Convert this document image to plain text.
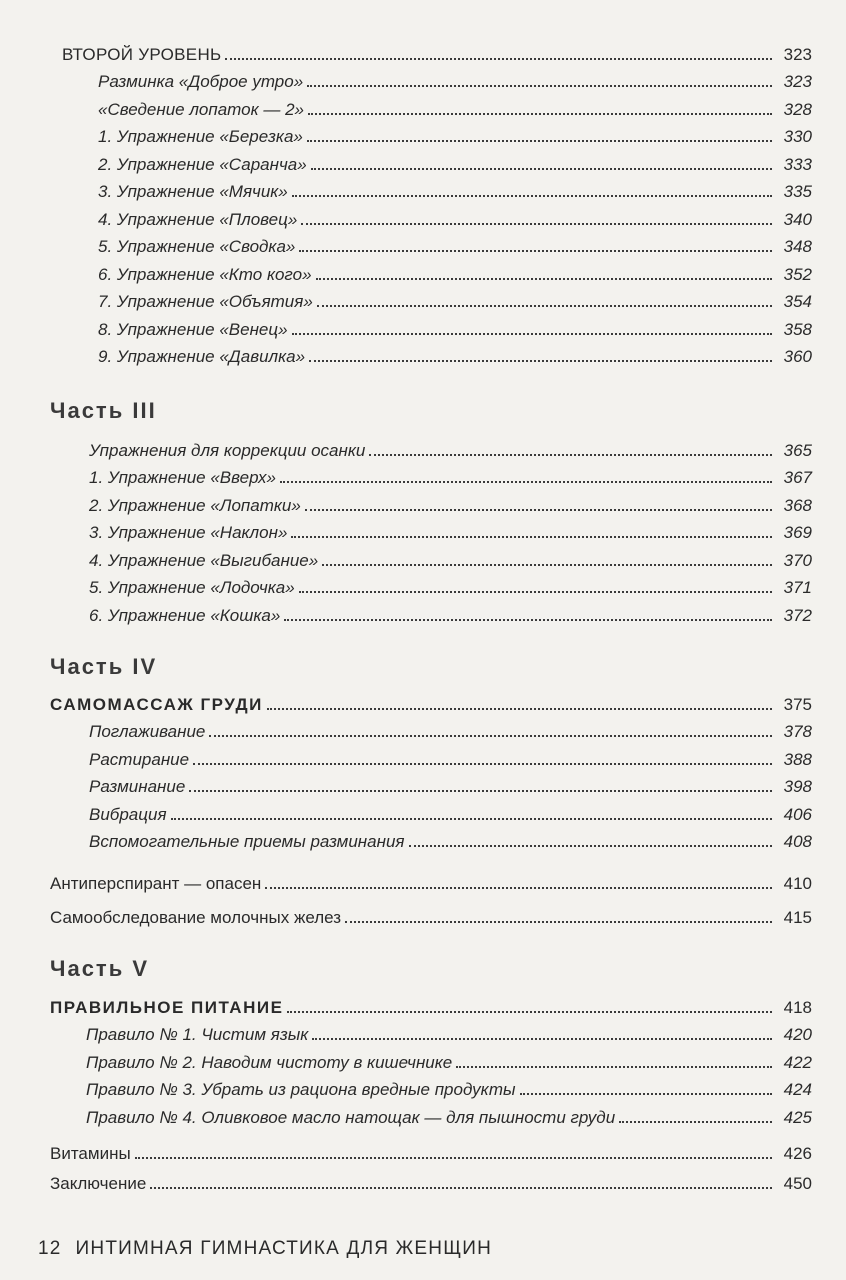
ВТОРОЙ УРОВЕНЬ	323
Разминка «Доброе утро»	323
«Сведение лопаток — 2»	328
1. Упражнение «Березка»	330
2. Упражнение «Саранча»	333
3. Упражнение «Мячик»	335
4. Упражнение «Пловец»	340
5. Упражнение «Сводка»	348
6. Упражнение «Кто кого»	352
7. Упражнение «Объятия»	354
8. Упражнение «Венец»	358
9. Упражнение «Давилка»	360
Часть III
Упражнения для коррекции осанки	365
1. Упражнение «Вверх»	367
2. Упражнение «Лопатки»	368
3. Упражнение «Наклон»	369
4. Упражнение «Выгибание»	370
5. Упражнение «Лодочка»	371
6. Упражнение «Кошка»	372
Часть IV
САМОМАССАЖ ГРУДИ	375
Поглаживание	378
Растирание	388
Разминание	398
Вибрация	406
Вспомогательные приемы разминания	408
Антиперспирант — опасен	410
Самообследование молочных желез	415
Часть V
ПРАВИЛЬНОЕ ПИТАНИЕ	418
Правило № 1. Чистим язык	420
Правило № 2. Наводим чистоту в кишечнике	422
Правило № 3. Убрать из рациона вредные продукты	424
Правило № 4. Оливковое масло натощак — для пышности груди	425
Витамины	426
Заключение	450
12 ИНТИМНАЯ ГИМНАСТИКА ДЛЯ ЖЕНЩИН
